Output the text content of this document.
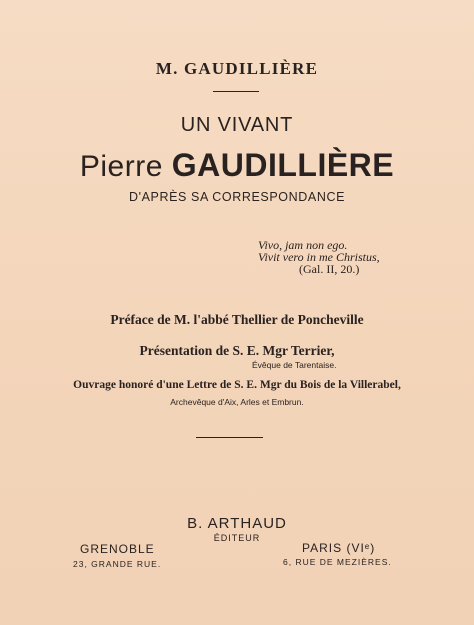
M. GAUDILLIÈRE
UN VIVANT
Pierre GAUDILLIÈRE
D'APRÈS SA CORRESPONDANCE
Vivo, jam non ego.
Vivit vero in me Christus,
(Gal. II, 20.)
Préface de M. l'abbé Thellier de Poncheville
Présentation de S. E. Mgr Terrier,
Évêque de Tarentaise.
Ouvrage honoré d'une Lettre de S. E. Mgr du Bois de la Villerabel,
Archevêque d'Aix, Arles et Embrun.
B. ARTHAUD
ÉDITEUR
GRENOBLE
23, GRANDE RUE.
PARIS (VIᵉ)
6, RUE DE MEZIÈRES.
